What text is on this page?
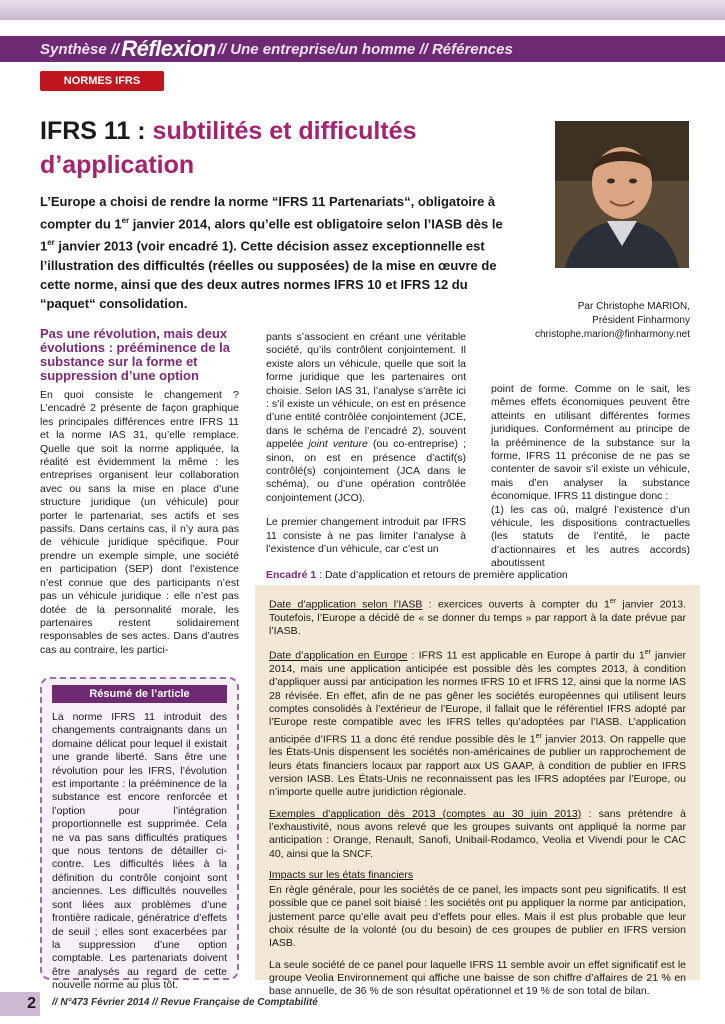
Synthèse // Réflexion // Une entreprise/un homme // Références
NORMES IFRS
IFRS 11 : subtilités et difficultés
d’application

L’Europe a choisi de rendre la norme “IFRS 11 Partenariats“, obligatoire à compter du 1er janvier 2014, alors qu’elle est obligatoire selon l’IASB dès le 1er janvier 2013 (voir encadré 1). Cette décision assez exceptionnelle est l’illustration des difficultés (réelles ou supposées) de la mise en œuvre de cette norme, ainsi que des deux autres normes IFRS 10 et IFRS 12 du “paquet“ consolidation.	Par Christophe MARION,
Président Finharmony
christophe.marion@finharmony.net
Pas une révolution, mais deux évolutions : prééminence de la substance sur la forme et suppression d’une option

En quoi consiste le changement ? L’encadré 2 présente de façon graphique les principales différences entre IFRS 11 et la norme IAS 31, qu’elle remplace. Quelle que soit la norme appliquée, la réalité est évidemment la même : les entreprises organisent leur collaboration avec ou sans la mise en place d’une structure juridique (un véhicule) pour porter le partenariat, ses actifs et ses passifs. Dans certains cas, il n’y aura pas de véhicule juridique spécifique. Pour prendre un exemple simple, une société en participation (SEP) dont l’existence n’est connue que des participants n’est pas un véhicule juridique : elle n’est pas dotée de la personnalité morale, les partenaires restent solidairement responsables de ses actes. Dans d’autres cas au contraire, les partici-

pants s’associent en créant une véritable société, qu’ils contrôlent conjointement. Il existe alors un véhicule, quelle que soit la forme juridique que les partenaires ont choisie. Selon IAS 31, l’analyse s’arrête ici : s’il existe un véhicule, on est en présence d’une entité contrôlée conjointement (JCE, dans le schéma de l’encadré 2), souvent appelée joint venture (ou co-entreprise) ; sinon, on est en présence d’actif(s) contrôlé(s) conjointement (JCA dans le schéma), ou d’une opération contrôlée conjointement (JCO).

Le premier changement introduit par IFRS 11 consiste à ne pas limiter l’analyse à l’existence d’un véhicule, car c’est un

point de forme. Comme on le sait, les mêmes effets économiques peuvent être atteints en utilisant différentes formes juridiques. Conformément au principe de la prééminence de la substance sur la forme, IFRS 11 préconise de ne pas se contenter de savoir s’il existe un véhicule, mais d’en analyser la substance économique. IFRS 11 distingue donc :

(1) les cas où, malgré l’existence d’un véhicule, les dispositions contractuelles (les statuts de l’entité, le pacte d’actionnaires et les autres accords) aboutissent

Résumé de l’article

La norme IFRS 11 introduit des changements contraignants dans un domaine délicat pour lequel il existait une grande liberté. Sans être une révolution pour les IFRS, l’évolution est importante : la prééminence de la substance est encore renforcée et l’option pour l’intégration proportionnelle est supprimée. Cela ne va pas sans difficultés pratiques que nous tentons de détailler ci-contre. Les difficultés liées à la définition du contrôle conjoint sont anciennes. Les difficultés nouvelles sont liées aux problèmes d’une frontière radicale, génératrice d’effets de seuil ; elles sont exacerbées par la suppression d’une option comptable. Les partenariats doivent être analysés au regard de cette nouvelle norme au plus tôt.

Encadré 1 : Date d’application et retours de première application

Date d’application selon l’IASB : exercices ouverts à compter du 1er janvier 2013. Toutefois, l’Europe a décidé de « se donner du temps » par rapport à la date prévue par l’IASB.

Date d’application en Europe : IFRS 11 est applicable en Europe à partir du 1er janvier 2014, mais une application anticipée est possible dès les comptes 2013, à condition d’appliquer aussi par anticipation les normes IFRS 10 et IFRS 12, ainsi que la norme IAS 28 révisée. En effet, afin de ne pas gêner les sociétés européennes qui utilisent leurs comptes consolidés à l’extérieur de l’Europe, il fallait que le référentiel IFRS adopté par l’Europe reste compatible avec les IFRS telles qu’adoptées par l’IASB. L’application anticipée d’IFRS 11 a donc été rendue possible dès le 1er janvier 2013. On rappelle que les États-Unis dispensent les sociétés non-américaines de publier un rapprochement de leurs états financiers locaux par rapport aux US GAAP, à condition de publier en IFRS version IASB. Les États-Unis ne reconnaissent pas les IFRS adoptées par l’Europe, ou n’importe quelle autre juridiction régionale.

Exemples d’application dès 2013 (comptes au 30 juin 2013) : sans prétendre à l’exhaustivité, nous avons relevé que les groupes suivants ont appliqué la norme par anticipation : Orange, Renault, Sanofi, Unibail-Rodamco, Veolia et Vivendi pour le CAC 40, ainsi que la SNCF.

Impacts sur les états financiers

En règle générale, pour les sociétés de ce panel, les impacts sont peu significatifs. Il est possible que ce panel soit biaisé : les sociétés ont pu appliquer la norme par anticipation, justement parce qu’elle avait peu d’effets pour elles. Mais il est plus probable que leur choix résulte de la volonté (ou du besoin) de ces groupes de publier en IFRS version IASB.

La seule société de ce panel pour laquelle IFRS 11 semble avoir un effet significatif est le groupe Veolia Environnement qui affiche une baisse de son chiffre d’affaires de 21 % en base annuelle, de 36 % de son résultat opérationnel et 19 % de son total de bilan.

2	// N°473 Février 2014 // Revue Française de Comptabilité
